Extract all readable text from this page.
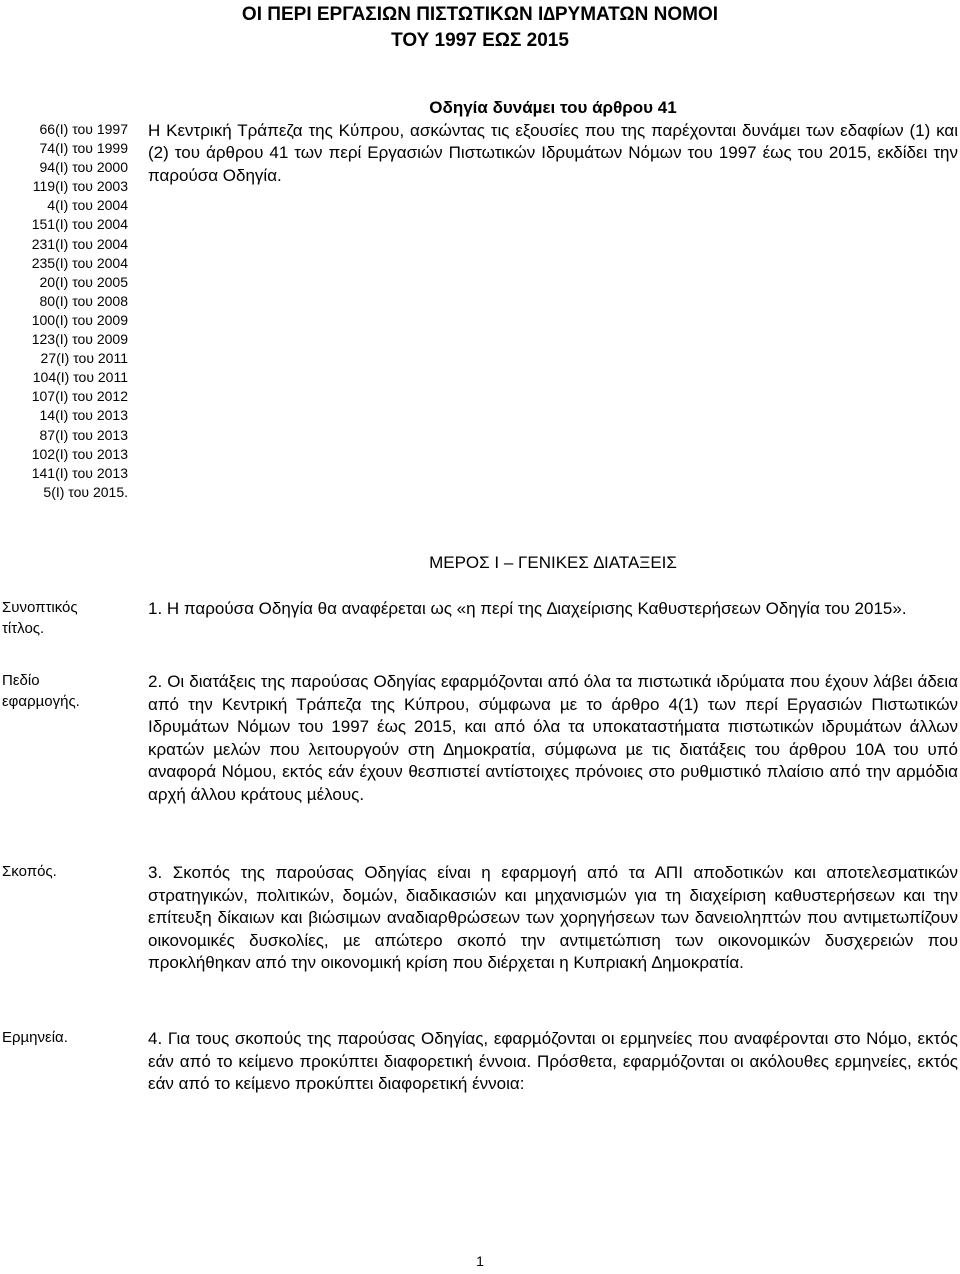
ΟΙ ΠΕΡΙ ΕΡΓΑΣΙΩΝ ΠΙΣΤΩΤΙΚΩΝ Ι∆ΡΥΜΑΤΩΝ ΝΟΜΟΙ
ΤΟΥ 1997 ΕΩΣ 2015
66(Ι) του 1997
74(Ι) του 1999
94(Ι) του 2000
119(Ι) του 2003
4(Ι) του 2004
151(Ι) του 2004
231(Ι) του 2004
235(Ι) του 2004
20(Ι) του 2005
80(Ι) του 2008
100(Ι) του 2009
123(Ι) του 2009
27(Ι) του 2011
104(Ι) του 2011
107(Ι) του 2012
14(Ι) του 2013
87(Ι) του 2013
102(Ι) του 2013
141(Ι) του 2013
5(Ι) του 2015.
Οδηγία δυνάµει του άρθρου 41
Η Κεντρική Τράπεζα της Κύπρου, ασκώντας τις εξουσίες που της παρέχονται δυνάµει των εδαφίων (1) και (2) του άρθρου 41 των περί Εργασιών Πιστωτικών Ιδρυµάτων Νόµων του 1997 έως του 2015, εκδίδει την παρούσα Οδηγία.
ΜΕΡΟΣ Ι – ΓΕΝΙΚΕΣ ∆ΙΑΤΑΞΕΙΣ
Συνοπτικός
τίτλος.
Πεδίο
εφαρµογής.
Σκοπός.
Ερµηνεία.
1. Η παρούσα Οδηγία θα αναφέρεται ως «η περί της ∆ιαχείρισης Καθυστερήσεων Οδηγία του 2015».
2. Οι διατάξεις της παρούσας Οδηγίας εφαρµόζονται από όλα τα πιστωτικά ιδρύµατα που έχουν λάβει άδεια από την Κεντρική Τράπεζα της Κύπρου, σύµφωνα µε το άρθρο 4(1) των περί Εργασιών Πιστωτικών Ιδρυµάτων Νόµων του 1997 έως 2015, και από όλα τα υποκαταστήµατα πιστωτικών ιδρυµάτων άλλων κρατών µελών που λειτουργούν στη ∆ηµοκρατία, σύµφωνα µε τις διατάξεις του άρθρου 10Α του υπό αναφορά Νόµου, εκτός εάν έχουν θεσπιστεί αντίστοιχες πρόνοιες στο ρυθµιστικό πλαίσιο από την αρµόδια αρχή άλλου κράτους µέλους.
3. Σκοπός της παρούσας Οδηγίας είναι η εφαρµογή από τα ΑΠΙ αποδοτικών και αποτελεσµατικών στρατηγικών, πολιτικών, δοµών, διαδικασιών και µηχανισµών για τη διαχείριση καθυστερήσεων και την επίτευξη δίκαιων και βιώσιµων αναδιαρθρώσεων των χορηγήσεων των δανειοληπτών που αντιµετωπίζουν οικονοµικές δυσκολίες, µε απώτερο σκοπό την αντιµετώπιση των οικονοµικών δυσχερειών που προκλήθηκαν από την οικονοµική κρίση που διέρχεται η Κυπριακή ∆ηµοκρατία.
4. Για τους σκοπούς της παρούσας Οδηγίας, εφαρµόζονται οι ερµηνείες που αναφέρονται στο Νόµο, εκτός εάν από το κείµενο προκύπτει διαφορετική έννοια. Πρόσθετα, εφαρµόζονται οι ακόλουθες ερµηνείες, εκτός εάν από το κείµενο προκύπτει διαφορετική έννοια:
1
